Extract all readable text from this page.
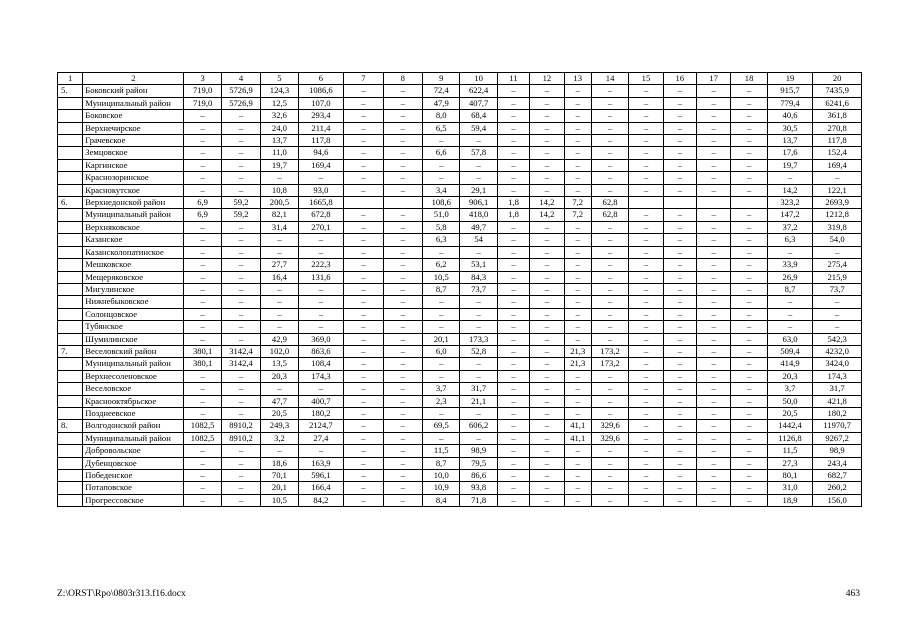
1	2	3	4	5	6	7	8	9	10	11	12	13	14	15	16	17	18	19	20
5.	Боковский район	719,0	5726,9	124,3	1086,6	–	–	72,4	622,4	–	–	–	–	–	–	–	–	915,7	7435,9
	Муниципальный район	719,0	5726,9	12,5	107,0	–	–	47,9	407,7	–	–	–	–	–	–	–	–	779,4	6241,6
	Боковское	–	–	32,6	293,4	–	–	8,0	68,4	–	–	–	–	–	–	–	–	40,6	361,8
	Верхнечирское	–	–	24,0	211,4	–	–	6,5	59,4	–	–	–	–	–	–	–	–	30,5	270,8
	Грачевское	–	–	13,7	117,8	–	–	–	–	–	–	–	–	–	–	–	–	13,7	117,8
	Земцовское	–	–	11,0	94,6	–	–	6,6	57,8	–	–	–	–	–	–	–	–	17,6	152,4
	Каргинское	–	–	19,7	169,4	–	–	–	–	–	–	–	–	–	–	–	–	19,7	169,4
	Краснозоринское	–	–	–	–	–	–	–	–	–	–	–	–	–	–	–	–	–	–
	Краснокутское	–	–	10,8	93,0	–	–	3,4	29,1	–	–	–	–	–	–	–	–	14,2	122,1
6.	Верхнедонской район	6,9	59,2	200,5	1665,8			108,6	906,1	1,8	14,2	7,2	62,8					323,2	2693,9
	Муниципальный район	6,9	59,2	82,1	672,8	–	–	51,0	418,0	1,8	14,2	7,2	62,8	–	–	–	–	147,2	1212,8
	Верхняковское	–	–	31,4	270,1	–	–	5,8	49,7	–	–	–	–	–	–	–	–	37,2	319,8
	Казанское	–	–	–	–	–	–	6,3	54	–	–	–	–	–	–	–	–	6,3	54,0
	Казансколопатинское	–	–	–	–	–	–	–	–	–	–	–	–	–	–	–	–	–	–
	Мешковское	–	–	27,7	222,3	–	–	6,2	53,1	–	–	–	–	–	–	–	–	33,9	275,4
	Мещеряковское	–	–	16,4	131,6	–	–	10,5	84,3	–	–	–	–	–	–	–	–	26,9	215,9
	Мигулинское	–	–	–	–	–	–	8,7	73,7	–	–	–	–	–	–	–	–	8,7	73,7
	Нижнебыковское	–	–	–	–	–	–	–	–	–	–	–	–	–	–	–	–	–	–
	Солонцовское	–	–	–	–	–	–	–	–	–	–	–	–	–	–	–	–	–	–
	Тубянское	–	–	–	–	–	–	–	–	–	–	–	–	–	–	–	–	–	–
	Шумилинское	–	–	42,9	369,0	–	–	20,1	173,3	–	–	–	–	–	–	–	–	63,0	542,3
7.	Веселовский район	380,1	3142,4	102,0	863,6	–	–	6,0	52,8	–	–	21,3	173,2	–	–	–	–	509,4	4232,0
	Муниципальный район	380,1	3142,4	13,5	108,4	–	–	–	–	–	–	21,3	173,2	–	–	–	–	414,9	3424,0
	Верхнесоленовское	–	–	20,3	174,3	–	–	–	–	–	–	–	–	–	–	–	–	20,3	174,3
	Веселовское	–	–	–	–	–	–	3,7	31,7	–	–	–	–	–	–	–	–	3,7	31,7
	Краснооктябрьское	–	–	47,7	400,7	–	–	2,3	21,1	–	–	–	–	–	–	–	–	50,0	421,8
	Позднеевское	–	–	20,5	180,2	–	–	–	–	–	–	–	–	–	–	–	–	20,5	180,2
8.	Волгодонской район	1082,5	8910,2	249,3	2124,7	–	–	69,5	606,2	–	–	41,1	329,6	–	–	–	–	1442,4	11970,7
	Муниципальный район	1082,5	8910,2	3,2	27,4	–	–	–	–	–	–	41,1	329,6	–	–	–	–	1126,8	9267,2
	Добровольское	–	–	–	–	–	–	11,5	98,9	–	–	–	–	–	–	–	–	11,5	98,9
	Дубенцовское	–	–	18,6	163,9	–	–	8,7	79,5	–	–	–	–	–	–	–	–	27,3	243,4
	Победенское	–	–	70,1	596,1	–	–	10,0	86,6	–	–	–	–	–	–	–	–	80,1	682,7
	Потаповское	–	–	20,1	166,4	–	–	10,9	93,8	–	–	–	–	–	–	–	–	31,0	260,2
	Прогрессовское	–	–	10,5	84,2	–	–	8,4	71,8	–	–	–	–	–	–	–	–	18,9	156,0
Z:\ORST\Rpo\0803r313.f16.docx	463
